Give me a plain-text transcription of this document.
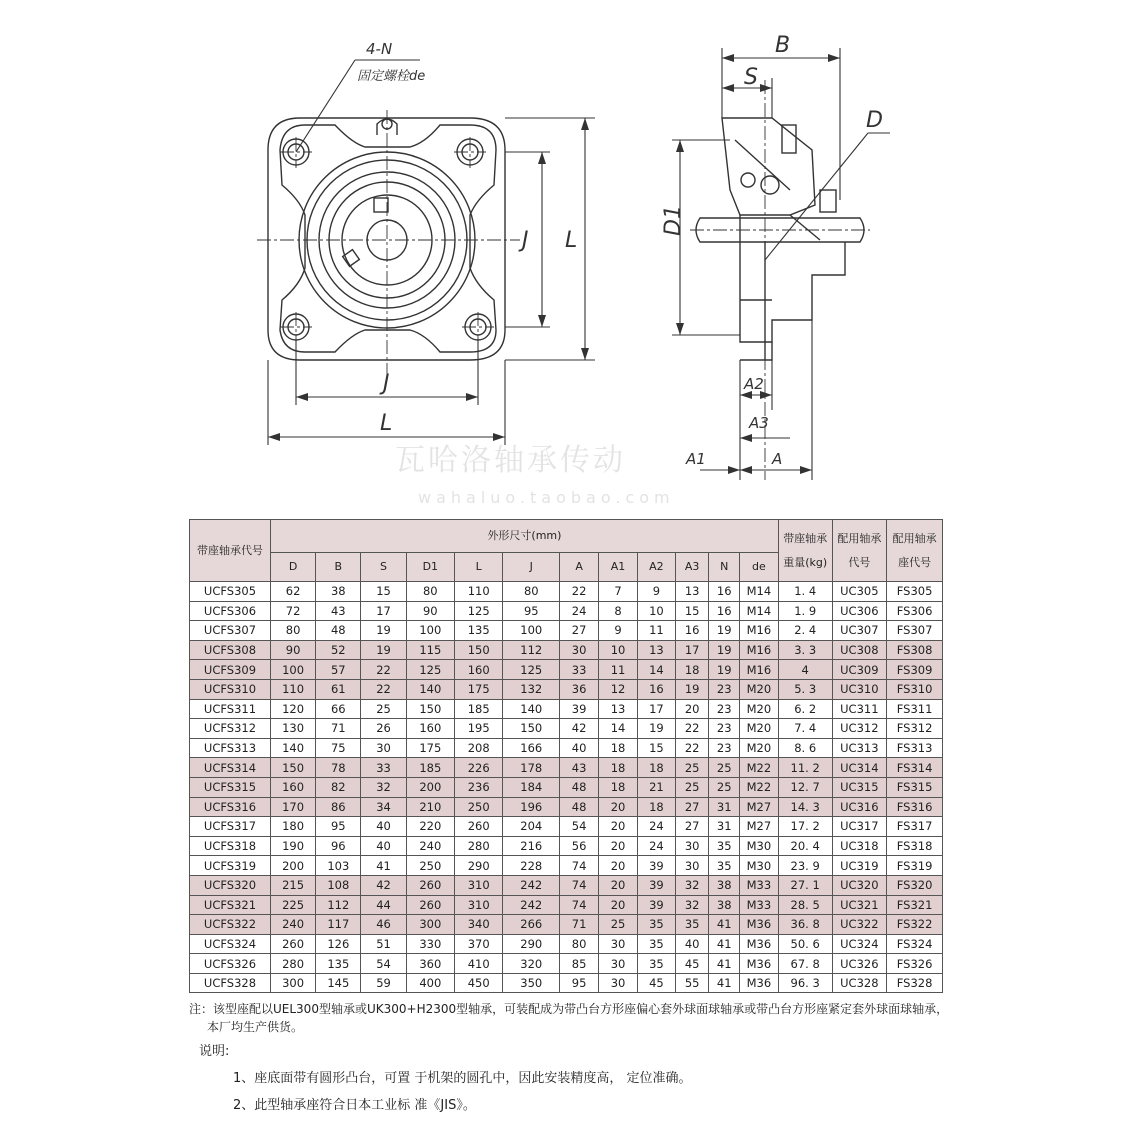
4-N
固定螺栓de
J L
J
L
B
S
D
D1
A2
A3
A
A1
瓦哈洛轴承传动
wahaluo.taobao.com
带座轴承代号	外形尺寸(mm)												带座轴承重量(kg)	配用轴承代号	配用轴承座代号
	D	B	S	D1	L	J	A	A1	A2	A3	N	de			
UCFS305	62	38	15	80	110	80	22	7	9	13	16	M14	1. 4	UC305	FS305
UCFS306	72	43	17	90	125	95	24	8	10	15	16	M14	1. 9	UC306	FS306
UCFS307	80	48	19	100	135	100	27	9	11	16	19	M16	2. 4	UC307	FS307
UCFS308	90	52	19	115	150	112	30	10	13	17	19	M16	3. 3	UC308	FS308
UCFS309	100	57	22	125	160	125	33	11	14	18	19	M16	4	UC309	FS309
UCFS310	110	61	22	140	175	132	36	12	16	19	23	M20	5. 3	UC310	FS310
UCFS311	120	66	25	150	185	140	39	13	17	20	23	M20	6. 2	UC311	FS311
UCFS312	130	71	26	160	195	150	42	14	19	22	23	M20	7. 4	UC312	FS312
UCFS313	140	75	30	175	208	166	40	18	15	22	23	M20	8. 6	UC313	FS313
UCFS314	150	78	33	185	226	178	43	18	18	25	25	M22	11. 2	UC314	FS314
UCFS315	160	82	32	200	236	184	48	18	21	25	25	M22	12. 7	UC315	FS315
UCFS316	170	86	34	210	250	196	48	20	18	27	31	M27	14. 3	UC316	FS316
UCFS317	180	95	40	220	260	204	54	20	24	27	31	M27	17. 2	UC317	FS317
UCFS318	190	96	40	240	280	216	56	20	24	30	35	M30	20. 4	UC318	FS318
UCFS319	200	103	41	250	290	228	74	20	39	30	35	M30	23. 9	UC319	FS319
UCFS320	215	108	42	260	310	242	74	20	39	32	38	M33	27. 1	UC320	FS320
UCFS321	225	112	44	260	310	242	74	20	39	32	38	M33	28. 5	UC321	FS321
UCFS322	240	117	46	300	340	266	71	25	35	35	41	M36	36. 8	UC322	FS322
UCFS324	260	126	51	330	370	290	80	30	35	40	41	M36	50. 6	UC324	FS324
UCFS326	280	135	54	360	410	320	85	30	35	45	41	M36	67. 8	UC326	FS326
UCFS328	300	145	59	400	450	350	95	30	45	55	41	M36	96. 3	UC328	FS328
注：该型座配以UEL300型轴承或UK300+H2300型轴承，可装配成为带凸台方形座偏心套外球面球轴承或带凸台方形座紧定套外球面球轴承，本厂均生产供货。
说明:
1、座底面带有圆形凸台，可置 于机架的圆孔中，因此安装精度高， 定位准确。
2、此型轴承座符合日本工业标 准《JIS》。
